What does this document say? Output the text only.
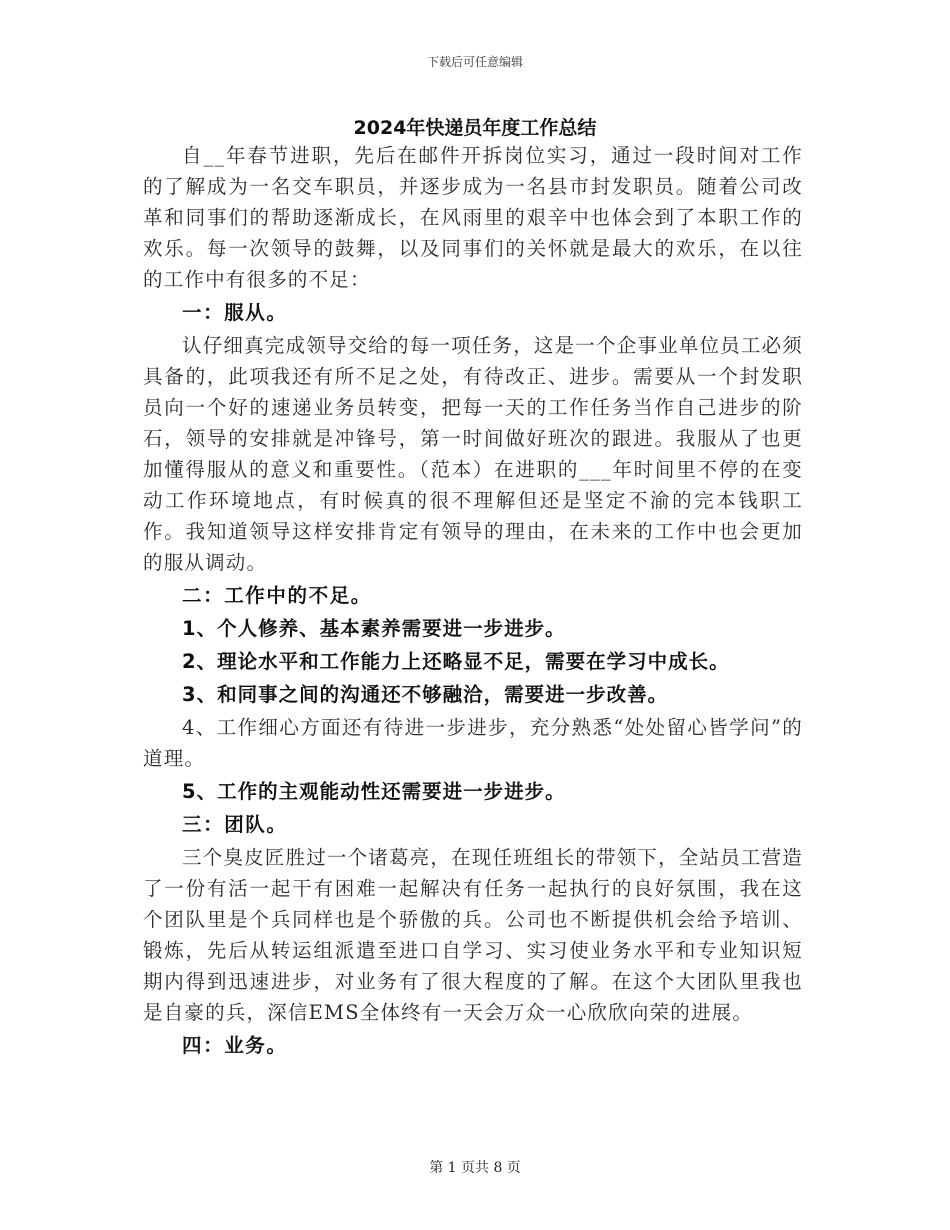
下载后可任意编辑
2024年快递员年度工作总结

自__年春节进职，先后在邮件开拆岗位实习，通过一段时间对工作的了解成为一名交车职员，并逐步成为一名县市封发职员。随着公司改革和同事们的帮助逐渐成长，在风雨里的艰辛中也体会到了本职工作的欢乐。每一次领导的鼓舞，以及同事们的关怀就是最大的欢乐，在以往的工作中有很多的不足：

一：服从。

认仔细真完成领导交给的每一项任务，这是一个企事业单位员工必须具备的，此项我还有所不足之处，有待改正、进步。需要从一个封发职员向一个好的速递业务员转变，把每一天的工作任务当作自己进步的阶石，领导的安排就是冲锋号，第一时间做好班次的跟进。我服从了也更加懂得服从的意义和重要性。（范本）在进职的___年时间里不停的在变动工作环境地点，有时候真的很不理解但还是坚定不渝的完本钱职工作。我知道领导这样安排肯定有领导的理由，在未来的工作中也会更加的服从调动。

二：工作中的不足。

1、个人修养、基本素养需要进一步进步。

2、理论水平和工作能力上还略显不足，需要在学习中成长。

3、和同事之间的沟通还不够融洽，需要进一步改善。

4、工作细心方面还有待进一步进步，充分熟悉“处处留心皆学问”的道理。

5、工作的主观能动性还需要进一步进步。

三：团队。

三个臭皮匠胜过一个诸葛亮，在现任班组长的带领下，全站员工营造了一份有活一起干有困难一起解决有任务一起执行的良好氛围，我在这个团队里是个兵同样也是个骄傲的兵。公司也不断提供机会给予培训、锻炼，先后从转运组派遣至进口自学习、实习使业务水平和专业知识短期内得到迅速进步，对业务有了很大程度的了解。在这个大团队里我也是自豪的兵，深信EMS全体终有一天会万众一心欣欣向荣的进展。

四：业务。

第 1 页共 8 页
